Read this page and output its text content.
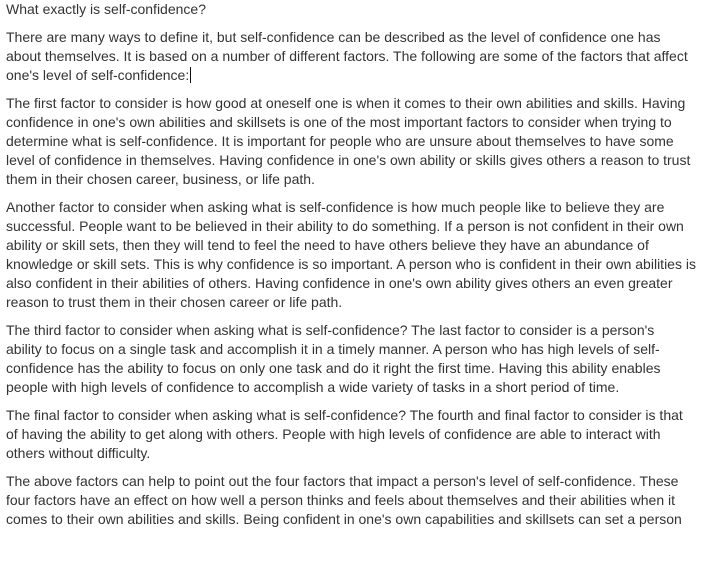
What exactly is self-confidence?

There are many ways to define it, but self-confidence can be described as the level of confidence one has
about themselves. It is based on a number of different factors. The following are some of the factors that affect
one's level of self-confidence:

The first factor to consider is how good at oneself one is when it comes to their own abilities and skills. Having
confidence in one's own abilities and skillsets is one of the most important factors to consider when trying to
determine what is self-confidence. It is important for people who are unsure about themselves to have some
level of confidence in themselves. Having confidence in one's own ability or skills gives others a reason to trust
them in their chosen career, business, or life path.

Another factor to consider when asking what is self-confidence is how much people like to believe they are
successful. People want to be believed in their ability to do something. If a person is not confident in their own
ability or skill sets, then they will tend to feel the need to have others believe they have an abundance of
knowledge or skill sets. This is why confidence is so important. A person who is confident in their own abilities is
also confident in their abilities of others. Having confidence in one's own ability gives others an even greater
reason to trust them in their chosen career or life path.

The third factor to consider when asking what is self-confidence? The last factor to consider is a person's
ability to focus on a single task and accomplish it in a timely manner. A person who has high levels of self-
confidence has the ability to focus on only one task and do it right the first time. Having this ability enables
people with high levels of confidence to accomplish a wide variety of tasks in a short period of time.

The final factor to consider when asking what is self-confidence? The fourth and final factor to consider is that
of having the ability to get along with others. People with high levels of confidence are able to interact with
others without difficulty.

The above factors can help to point out the four factors that impact a person's level of self-confidence. These
four factors have an effect on how well a person thinks and feels about themselves and their abilities when it
comes to their own abilities and skills. Being confident in one's own capabilities and skillsets can set a person
